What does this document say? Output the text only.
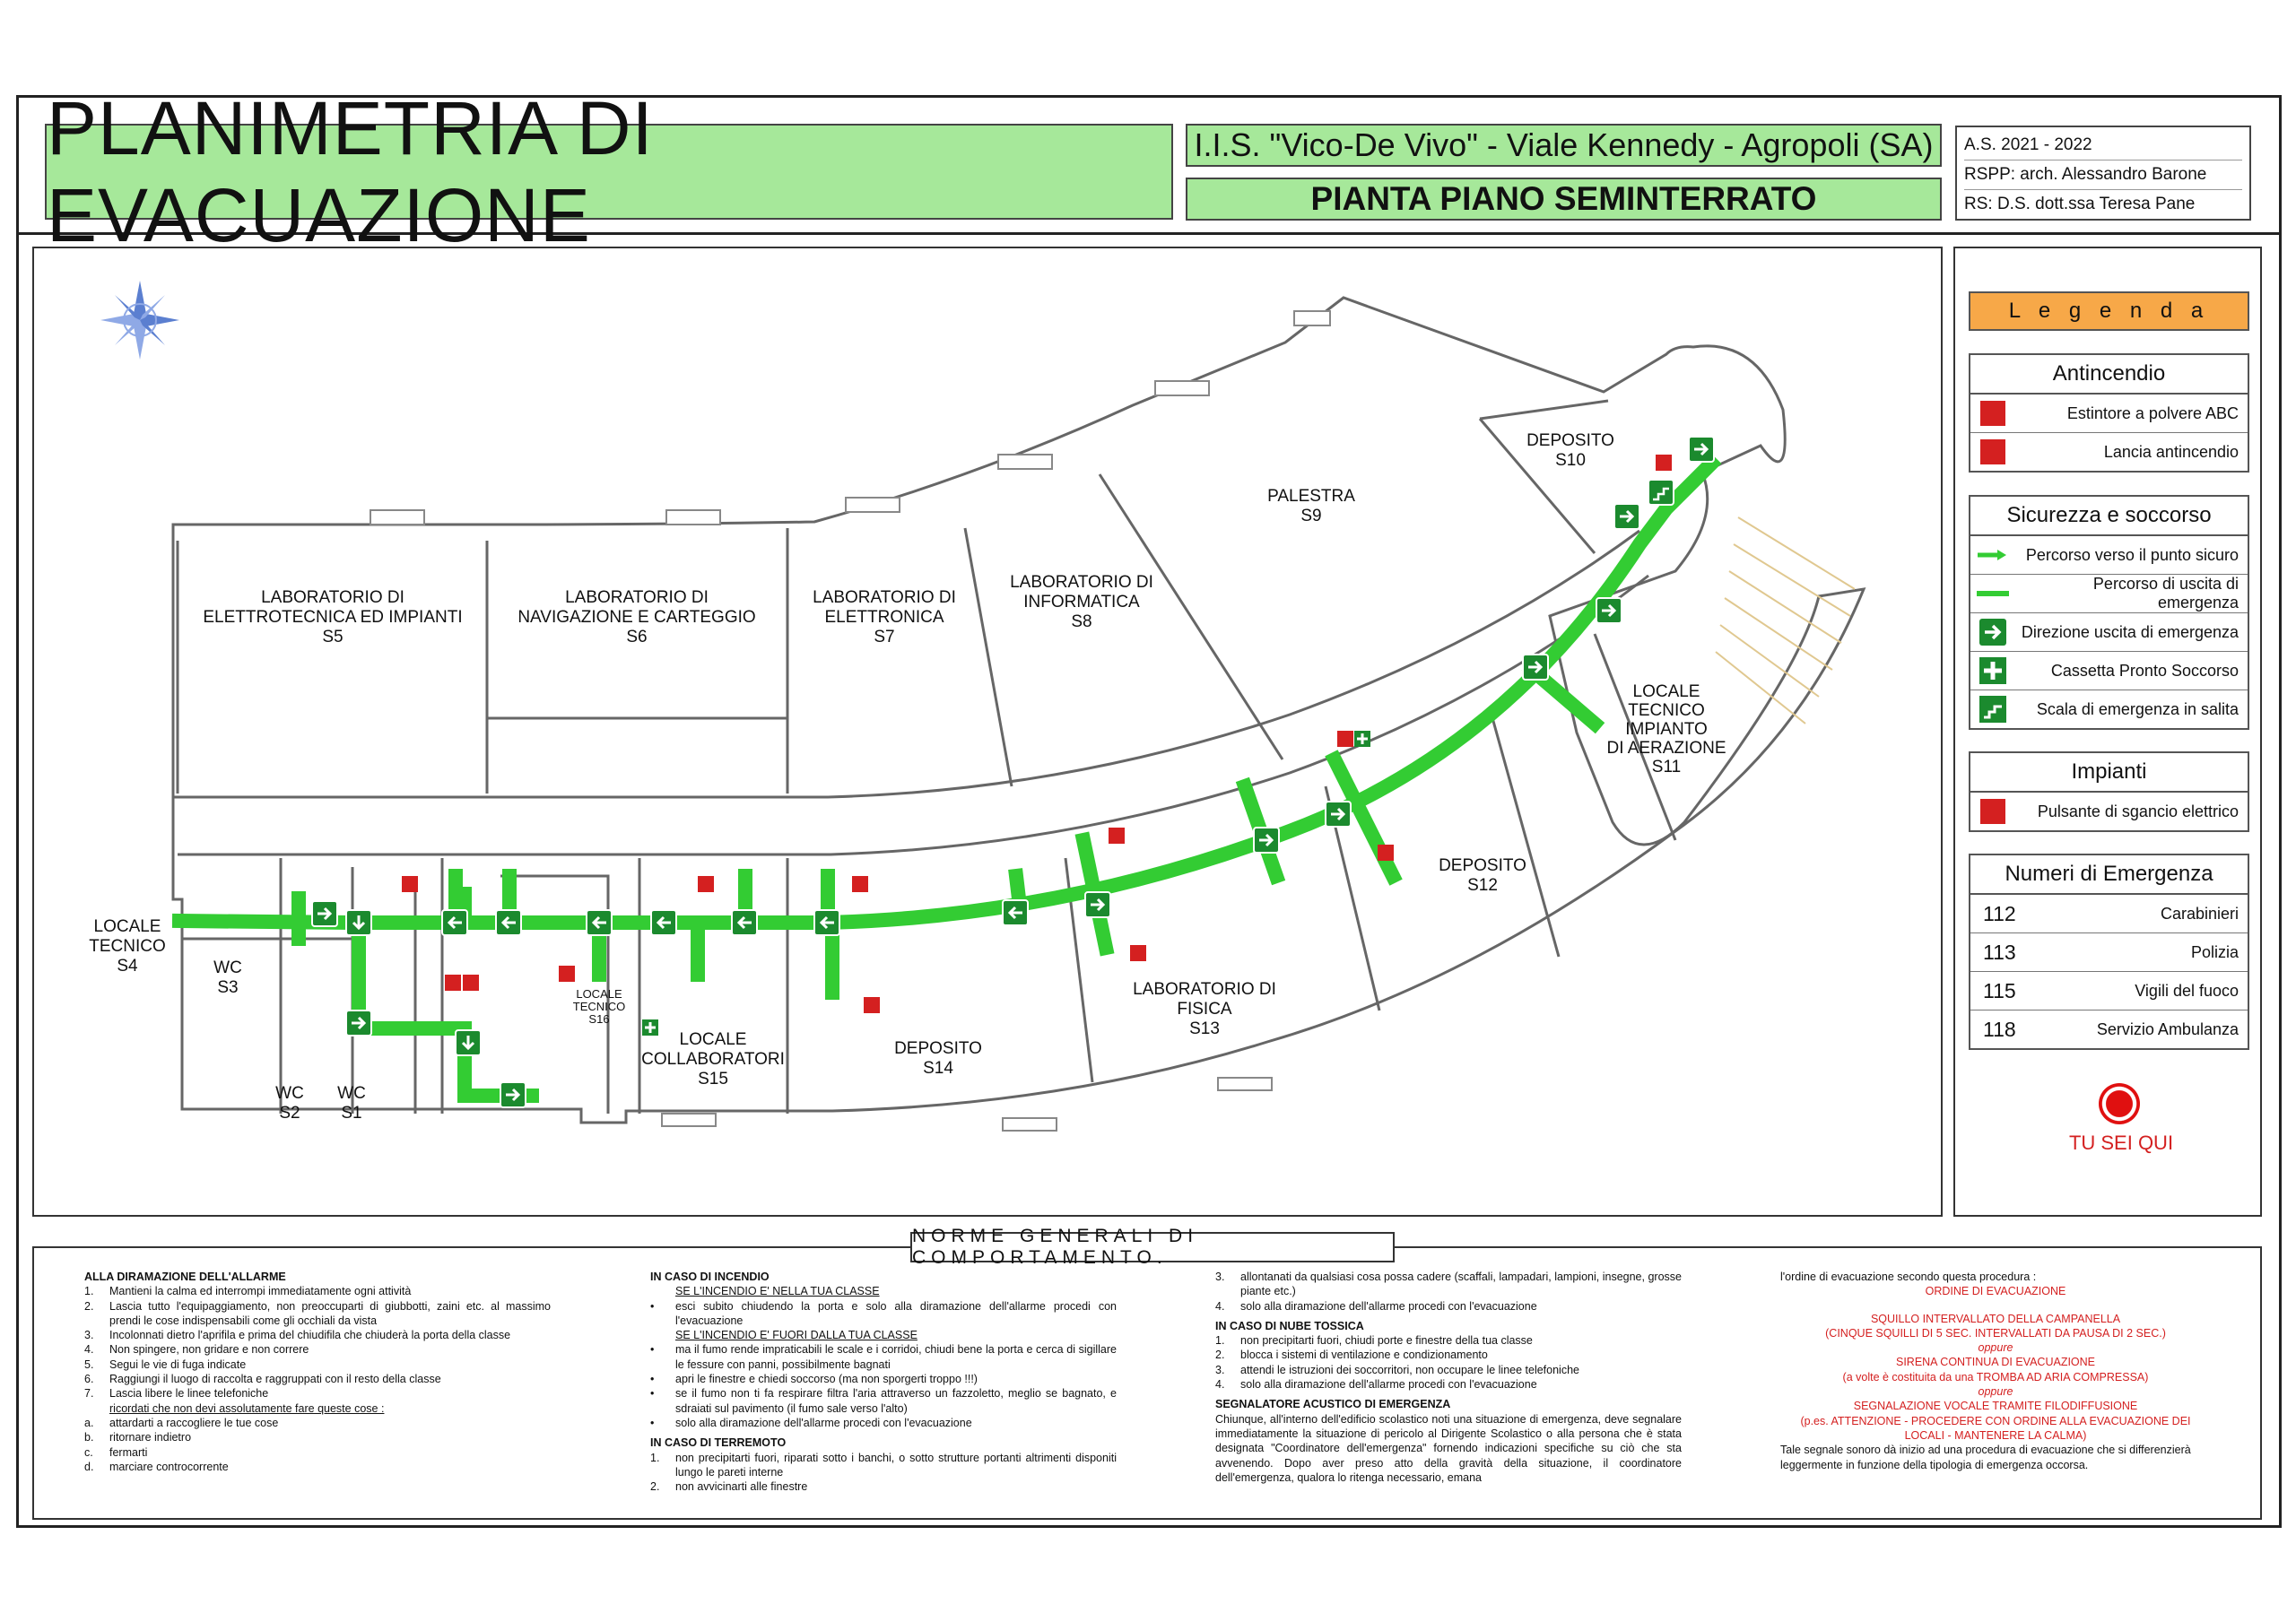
PLANIMETRIA DI EVACUAZIONE
I.I.S. "Vico-De Vivo" - Viale Kennedy - Agropoli (SA)
PIANTA PIANO SEMINTERRATO
A.S. 2021 - 2022
RSPP: arch. Alessandro Barone
RS: D.S. dott.ssa Teresa Pane
LABORATORIO DI ELETTROTECNICA ED IMPIANTI S5
LABORATORIO DI NAVIGAZIONE E CARTEGGIO S6
LABORATORIO DI ELETTRONICA S7
LABORATORIO DI INFORMATICA S8
PALESTRA S9
DEPOSITO S10
LOCALE TECNICO IMPIANTO DI AERAZIONE S11
DEPOSITO S12
LABORATORIO DI FISICA S13
DEPOSITO S14
LOCALE COLLABORATORI S15
LOCALE TECNICO S16
LOCALE TECNICO S4	WC S3
WC S2
WC S1
L e g e n d a
Antincendio
Estintore a polvere ABC
Lancia antincendio
Sicurezza e soccorso
Percorso verso il punto sicuro
Percorso di uscita di emergenza
Direzione uscita di emergenza
Cassetta Pronto Soccorso
Scala di emergenza in salita
Impianti
Pulsante di sgancio elettrico
Numeri di Emergenza
112	Carabinieri
113	Polizia
115	Vigili del fuoco
118	Servizio Ambulanza
TU SEI QUI
NORME GENERALI DI COMPORTAMENTO.
ALLA DIRAMAZIONE DELL'ALLARME
1.	Mantieni la calma ed interrompi immediatamente ogni attività
2.	Lascia tutto l'equipaggiamento, non preoccuparti di giubbotti, zaini etc. al massimo prendi le cose indispensabili come gli occhiali da vista
3.	Incolonnati dietro l'aprifila e prima del chiudifila che chiuderà la porta della classe
4.	Non spingere, non gridare e non correre
5.	Segui le vie di fuga indicate
6.	Raggiungi il luogo di raccolta e raggruppati con il resto della classe
7.	Lascia libere le linee telefoniche
ricordati che non devi assolutamente fare queste cose :
a.	attardarti a raccogliere le tue cose
b.	ritornare indietro
c.	fermarti
d.	marciare controcorrente
IN CASO DI INCENDIO
SE L'INCENDIO E' NELLA TUA CLASSE
•	esci subito chiudendo la porta e solo alla diramazione dell'allarme procedi con l'evacuazione
SE L'INCENDIO E' FUORI DALLA TUA CLASSE
•	ma il fumo rende impraticabili le scale e i corridoi, chiudi bene la porta e cerca di sigillare le fessure con panni, possibilmente bagnati
•	apri le finestre e chiedi soccorso (ma non sporgerti troppo !!!)
•	se il fumo non ti fa respirare filtra l'aria attraverso un fazzoletto, meglio se bagnato, e sdraiati sul pavimento (il fumo sale verso l'alto)
•	solo alla diramazione dell'allarme procedi con l'evacuazione
IN CASO DI TERREMOTO
1.	non precipitarti fuori, riparati sotto i banchi, o sotto strutture portanti altrimenti disponiti lungo le pareti interne
2.	non avvicinarti alle finestre
3.	allontanati da qualsiasi cosa possa cadere (scaffali, lampadari, lampioni, insegne, grosse piante etc.)
4.	solo alla diramazione dell'allarme procedi con l'evacuazione
IN CASO DI NUBE TOSSICA
1.	non precipitarti fuori, chiudi porte e finestre della tua classe
2.	blocca i sistemi di ventilazione e condizionamento
3.	attendi le istruzioni dei soccorritori, non occupare le linee telefoniche
4.	solo alla diramazione dell'allarme procedi con l'evacuazione
SEGNALATORE ACUSTICO DI EMERGENZA
Chiunque, all'interno dell'edificio scolastico noti una situazione di emergenza, deve segnalare immediatamente la situazione di pericolo al Dirigente Scolastico o alla persona che è stata designata "Coordinatore dell'emergenza" fornendo indicazioni specifiche su ciò che sta avvenendo. Dopo aver preso atto della gravità della situazione, il coordinatore dell'emergenza, qualora lo ritenga necessario, emana
l'ordine di evacuazione secondo questa procedura :
ORDINE DI EVACUAZIONE
SQUILLO INTERVALLATO DELLA CAMPANELLA
(CINQUE SQUILLI DI 5 SEC. INTERVALLATI DA PAUSA DI 2 SEC.)
oppure
SIRENA CONTINUA DI EVACUAZIONE
(a volte è costituita da una TROMBA AD ARIA COMPRESSA)
oppure
SEGNALAZIONE VOCALE TRAMITE FILODIFFUSIONE
(p.es. ATTENZIONE - PROCEDERE CON ORDINE ALLA EVACUAZIONE DEI LOCALI - MANTENERE LA CALMA)
Tale segnale sonoro dà inizio ad una procedura di evacuazione che si differenzierà leggermente in funzione della tipologia di emergenza occorsa.
